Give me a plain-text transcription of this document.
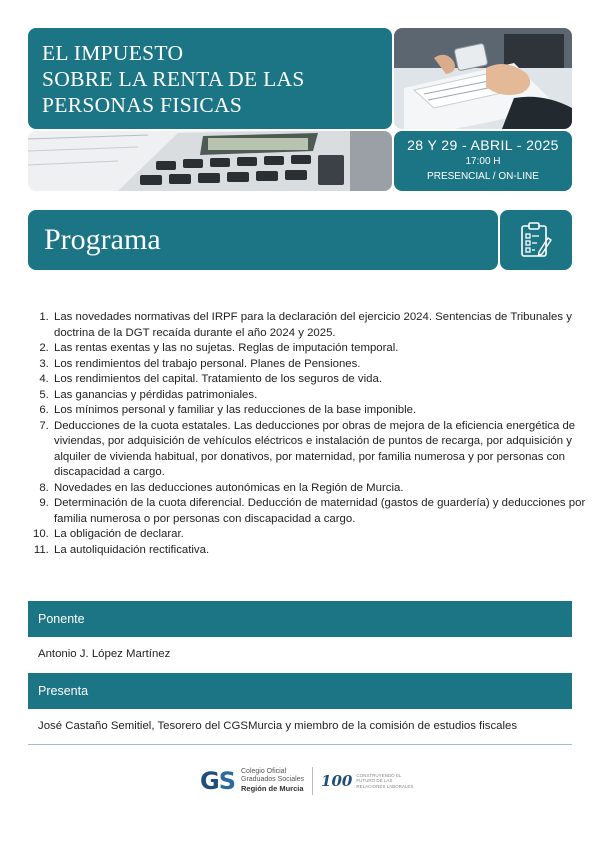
EL IMPUESTO
SOBRE LA RENTA DE LAS
PERSONAS FISICAS
28 Y 29 - ABRIL - 2025
17:00 H
PRESENCIAL / ON-LINE
Programa
1. Las novedades normativas del IRPF para la declaración del ejercicio 2024. Sentencias de Tribunales y doctrina de la DGT recaída durante el año 2024 y 2025.
2. Las rentas exentas y las no sujetas. Reglas de imputación temporal.
3. Los rendimientos del trabajo personal. Planes de Pensiones.
4. Los rendimientos del capital. Tratamiento de los seguros de vida.
5. Las ganancias y pérdidas patrimoniales.
6. Los mínimos personal y familiar y las reducciones de la base imponible.
7. Deducciones de la cuota estatales. Las deducciones por obras de mejora de la eficiencia energética de viviendas, por adquisición de vehículos eléctricos e instalación de puntos de recarga, por adquisición y alquiler de vivienda habitual, por donativos, por maternidad, por familia numerosa y por personas con discapacidad a cargo.
8. Novedades en las deducciones autonómicas en la Región de Murcia.
9. Determinación de la cuota diferencial. Deducción de maternidad (gastos de guardería) y deducciones por familia numerosa o por personas con discapacidad a cargo.
10. La obligación de declarar.
11. La autoliquidación rectificativa.
Ponente
Antonio J. López Martínez
Presenta
José Castaño Semitiel, Tesorero del CGSMurcia y miembro de la comisión de estudios fiscales
GS Colegio Oficial
Graduados Sociales
Región de Murcia 100 CONSTRUYENDO EL FUTURO DE LAS RELACIONES LABORALES
